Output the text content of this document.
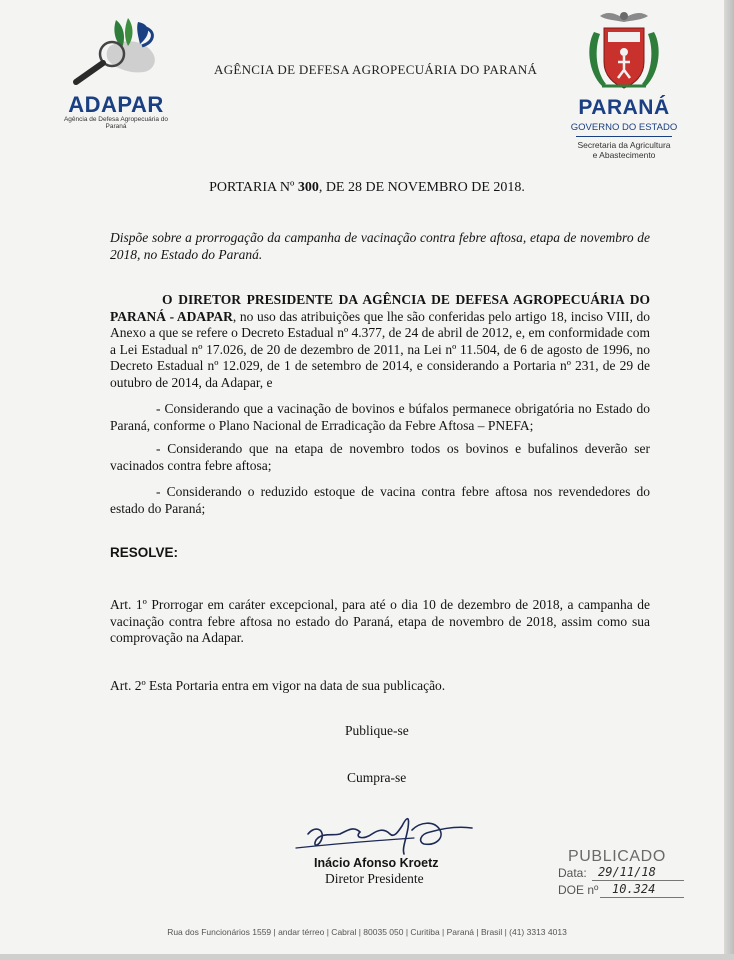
ADAPAR
Agência de Defesa Agropecuária do Paraná
AGÊNCIA DE DEFESA AGROPECUÁRIA DO PARANÁ
PARANÁ
GOVERNO DO ESTADO
Secretaria da Agricultura
e Abastecimento
PORTARIA Nº 300, DE 28 DE NOVEMBRO DE 2018.
Dispõe sobre a prorrogação da campanha de vacinação contra febre aftosa, etapa de novembro de 2018, no Estado do Paraná.
O DIRETOR PRESIDENTE DA AGÊNCIA DE DEFESA AGROPECUÁRIA DO PARANÁ - ADAPAR, no uso das atribuições que lhe são conferidas pelo artigo 18, inciso VIII, do Anexo a que se refere o Decreto Estadual nº 4.377, de 24 de abril de 2012, e, em conformidade com a Lei Estadual nº 17.026, de 20 de dezembro de 2011, na Lei nº 11.504, de 6 de agosto de 1996, no Decreto Estadual nº 12.029, de 1 de setembro de 2014, e considerando a Portaria nº 231, de 29 de outubro de 2014, da Adapar, e
- Considerando que a vacinação de bovinos e búfalos permanece obrigatória no Estado do Paraná, conforme o Plano Nacional de Erradicação da Febre Aftosa – PNEFA;
- Considerando que na etapa de novembro todos os bovinos e bufalinos deverão ser vacinados contra febre aftosa;
- Considerando o reduzido estoque de vacina contra febre aftosa nos revendedores do estado do Paraná;
RESOLVE:
Art. 1º Prorrogar em caráter excepcional, para até o dia 10 de dezembro de 2018, a campanha de vacinação contra febre aftosa no estado do Paraná, etapa de novembro de 2018, assim como sua comprovação na Adapar.
Art. 2º Esta Portaria entra em vigor na data de sua publicação.
Publique-se
Cumpra-se
Inácio Afonso Kroetz
Diretor Presidente
PUBLICADO
Data: 29/11/18
DOE nº 10.324
Rua dos Funcionários 1559 | andar térreo | Cabral | 80035 050 | Curitiba | Paraná | Brasil | (41) 3313 4013
